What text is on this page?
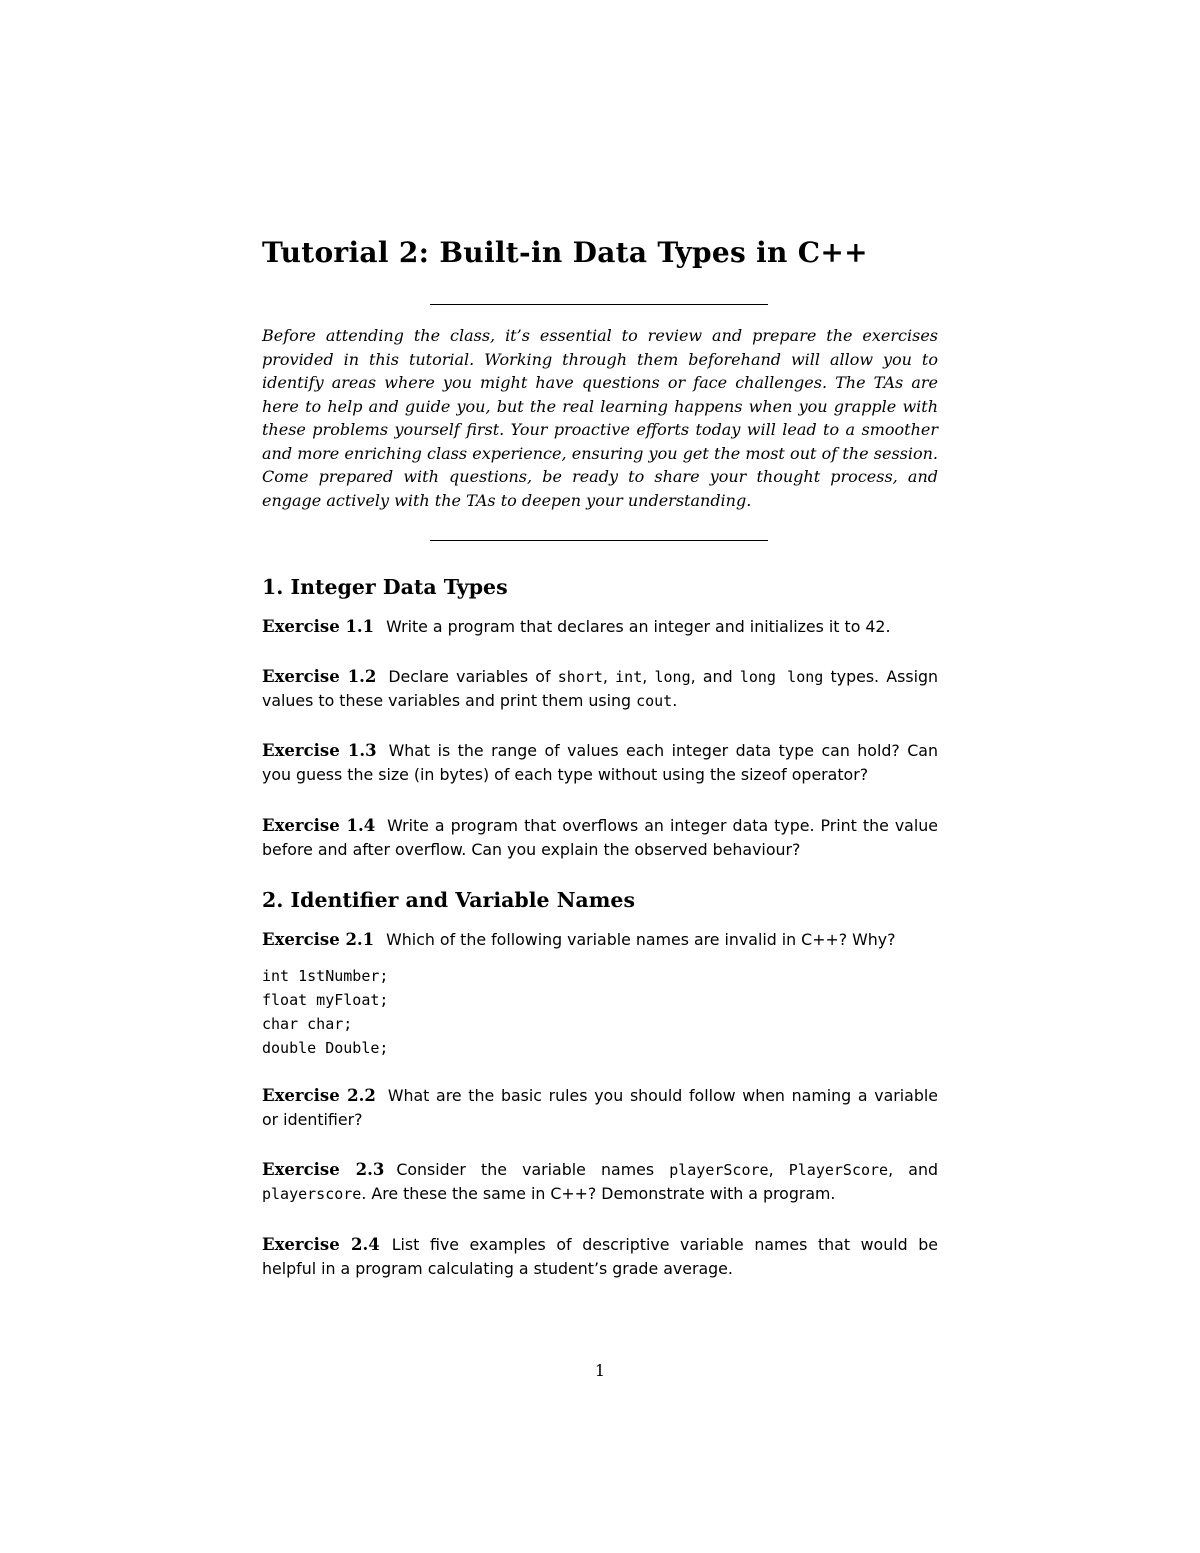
Tutorial 2: Built-in Data Types in C++

Before attending the class, it’s essential to review and prepare the exercises provided in this tutorial. Working through them beforehand will allow you to identify areas where you might have questions or face challenges. The TAs are here to help and guide you, but the real learning happens when you grapple with these problems yourself first. Your proactive efforts today will lead to a smoother and more enriching class experience, ensuring you get the most out of the session. Come prepared with questions, be ready to share your thought process, and engage actively with the TAs to deepen your understanding.

1. Integer Data Types

Exercise 1.1 Write a program that declares an integer and initializes it to 42.

Exercise 1.2 Declare variables of short, int, long, and long long types. Assign values to these variables and print them using cout.

Exercise 1.3 What is the range of values each integer data type can hold? Can you guess the size (in bytes) of each type without using the sizeof operator?

Exercise 1.4 Write a program that overflows an integer data type. Print the value before and after overflow. Can you explain the observed behaviour?

2. Identifier and Variable Names

Exercise 2.1 Which of the following variable names are invalid in C++? Why?

int 1stNumber;
float myFloat;
char char;
double Double;

Exercise 2.2 What are the basic rules you should follow when naming a variable or identifier?

Exercise 2.3 Consider the variable names playerScore, PlayerScore, and playerscore. Are these the same in C++? Demonstrate with a program.

Exercise 2.4 List five examples of descriptive variable names that would be helpful in a program calculating a student’s grade average.

1
